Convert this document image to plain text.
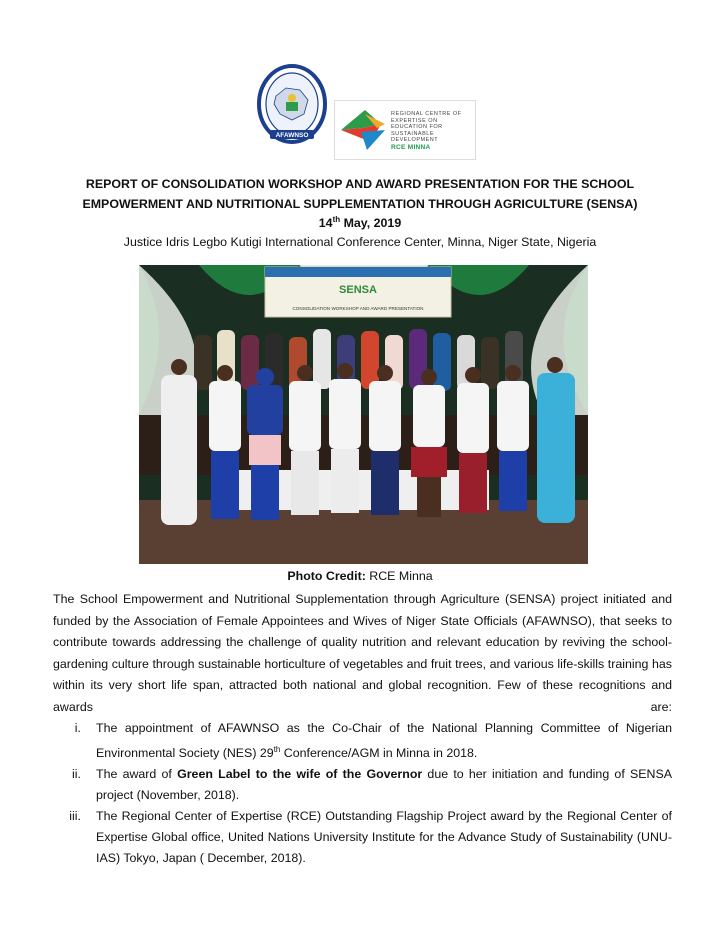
AFAWNSO
REGIONAL CENTRE OF
EXPERTISE ON EDUCATION FOR
SUSTAINABLE DEVELOPMENT
RCE MINNA
REPORT OF CONSOLIDATION WORKSHOP AND AWARD PRESENTATION FOR THE SCHOOL
EMPOWERMENT AND NUTRITIONAL SUPPLEMENTATION THROUGH AGRICULTURE (SENSA)
14th May, 2019
Justice Idris Legbo Kutigi International Conference Center, Minna, Niger State, Nigeria
SENSA
CONSOLIDATION WORKSHOP AND AWARD PRESENTATION
Photo Credit: RCE Minna
The School Empowerment and Nutritional Supplementation through Agriculture (SENSA) project initiated and funded by the Association of Female Appointees and Wives of Niger State Officials (AFAWNSO), that seeks to contribute towards addressing the challenge of quality nutrition and relevant education by reviving the school-gardening culture through sustainable horticulture of vegetables and fruit trees, and various life-skills training has within its very short life span, attracted both national and global recognition. Few of these recognitions and awards are:

i. The appointment of AFAWNSO as the Co-Chair of the National Planning Committee of Nigerian Environmental Society (NES) 29th Conference/AGM in Minna in 2018.

ii. The award of Green Label to the wife of the Governor due to her initiation and funding of SENSA project (November, 2018).

iii. The Regional Center of Expertise (RCE) Outstanding Flagship Project award by the Regional Center of Expertise Global office, United Nations University Institute for the Advance Study of Sustainability (UNU-IAS) Tokyo, Japan ( December, 2018).
